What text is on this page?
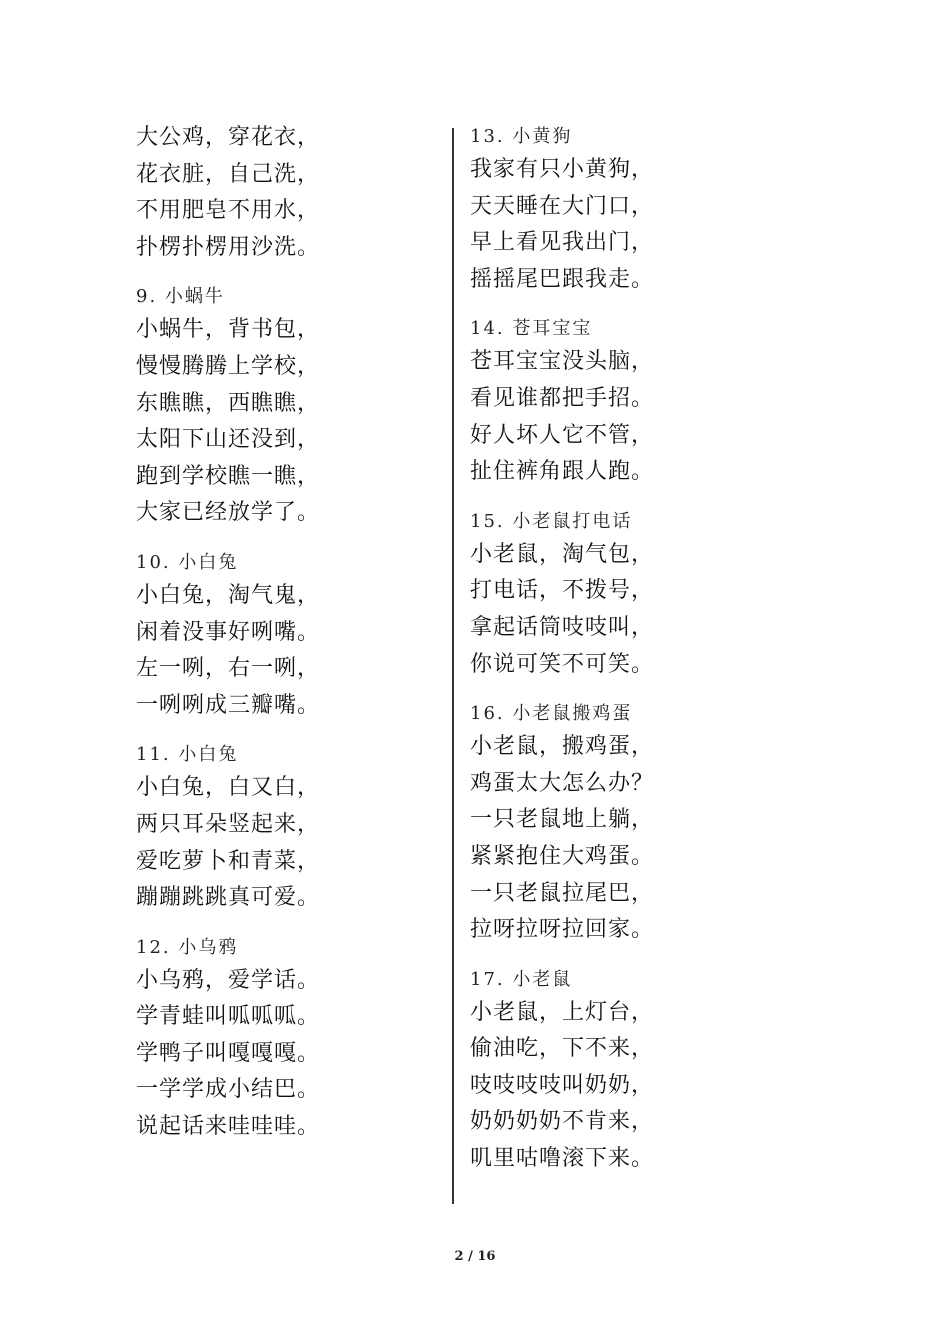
大公鸡，穿花衣，
花衣脏，自己洗，
不用肥皂不用水，
扑楞扑楞用沙洗。
9. 小蜗牛
小蜗牛，背书包，
慢慢腾腾上学校，
东瞧瞧，西瞧瞧，
太阳下山还没到，
跑到学校瞧一瞧，
大家已经放学了。
10. 小白兔
小白兔，淘气鬼，
闲着没事好咧嘴。
左一咧，右一咧，
一咧咧成三瓣嘴。
11. 小白兔
小白兔，白又白，
两只耳朵竖起来，
爱吃萝卜和青菜，
蹦蹦跳跳真可爱。
12. 小乌鸦
小乌鸦，爱学话。
学青蛙叫呱呱呱。
学鸭子叫嘎嘎嘎。
一学学成小结巴。
说起话来哇哇哇。
13. 小黄狗
我家有只小黄狗，
天天睡在大门口，
早上看见我出门，
摇摇尾巴跟我走。
14. 苍耳宝宝
苍耳宝宝没头脑，
看见谁都把手招。
好人坏人它不管，
扯住裤角跟人跑。
15. 小老鼠打电话
小老鼠，淘气包，
打电话，不拨号，
拿起话筒吱吱叫，
你说可笑不可笑。
16. 小老鼠搬鸡蛋
小老鼠，搬鸡蛋，
鸡蛋太大怎么办？
一只老鼠地上躺，
紧紧抱住大鸡蛋。
一只老鼠拉尾巴，
拉呀拉呀拉回家。
17. 小老鼠
小老鼠，上灯台，
偷油吃，下不来，
吱吱吱吱叫奶奶，
奶奶奶奶不肯来，
叽里咕噜滚下来。
2 / 16
